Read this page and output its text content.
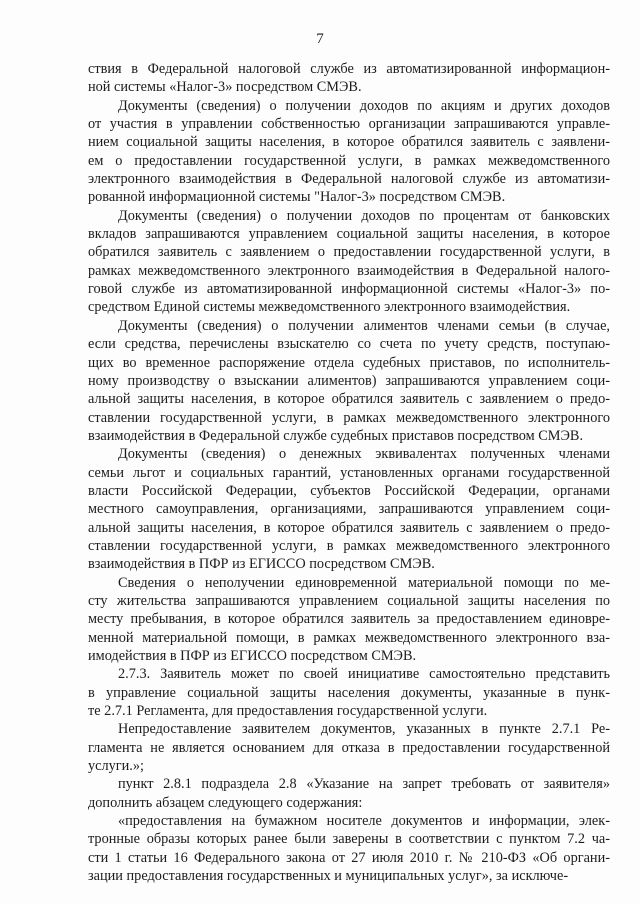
7
ствия в Федеральной налоговой службе из автоматизированной информацион-
ной системы «Налог-3» посредством СМЭВ.
Документы (сведения) о получении доходов по акциям и других доходов
от участия в управлении собственностью организации запрашиваются управле-
нием социальной защиты населения, в которое обратился заявитель с заявлени-
ем о предоставлении государственной услуги, в рамках межведомственного
электронного взаимодействия в Федеральной налоговой службе из автоматизи-
рованной информационной системы "Налог-3» посредством СМЭВ.
Документы (сведения) о получении доходов по процентам от банковских
вкладов запрашиваются управлением социальной защиты населения, в которое
обратился заявитель с заявлением о предоставлении государственной услуги, в
рамках межведомственного электронного взаимодействия в Федеральной налого-
говой службе из автоматизированной информационной системы «Налог-3» по-
средством Единой системы межведомственного электронного взаимодействия.
Документы (сведения) о получении алиментов членами семьи (в случае,
если средства, перечислены взыскателю со счета по учету средств, поступаю-
щих во временное распоряжение отдела судебных приставов, по исполнитель-
ному производству о взыскании алиментов) запрашиваются управлением соци-
альной защиты населения, в которое обратился заявитель с заявлением о предо-
ставлении государственной услуги, в рамках межведомственного электронного
взаимодействия в Федеральной службе судебных приставов посредством СМЭВ.
Документы (сведения) о денежных эквивалентах полученных членами
семьи льгот и социальных гарантий, установленных органами государственной
власти Российской Федерации, субъектов Российской Федерации, органами
местного самоуправления, организациями, запрашиваются управлением соци-
альной защиты населения, в которое обратился заявитель с заявлением о предо-
ставлении государственной услуги, в рамках межведомственного электронного
взаимодействия в ПФР из ЕГИССО посредством СМЭВ.
Сведения о неполучении единовременной материальной помощи по ме-
сту жительства запрашиваются управлением социальной защиты населения по
месту пребывания, в которое обратился заявитель за предоставлением единовре-
менной материальной помощи, в рамках межведомственного электронного вза-
имодействия в ПФР из ЕГИССО посредством СМЭВ.
2.7.3. Заявитель может по своей инициативе самостоятельно представить
в управление социальной защиты населения документы, указанные в пунк-
те 2.7.1 Регламента, для предоставления государственной услуги.
Непредоставление заявителем документов, указанных в пункте 2.7.1 Ре-
гламента не является основанием для отказа в предоставлении государственной
услуги.»;
пункт 2.8.1 подраздела 2.8 «Указание на запрет требовать от заявителя»
дополнить абзацем следующего содержания:
«предоставления на бумажном носителе документов и информации, элек-
тронные образы которых ранее были заверены в соответствии с пунктом 7.2 ча-
сти 1 статьи 16 Федерального закона от 27 июля 2010 г. № 210-ФЗ «Об органи-
зации предоставления государственных и муниципальных услуг», за исключе-
